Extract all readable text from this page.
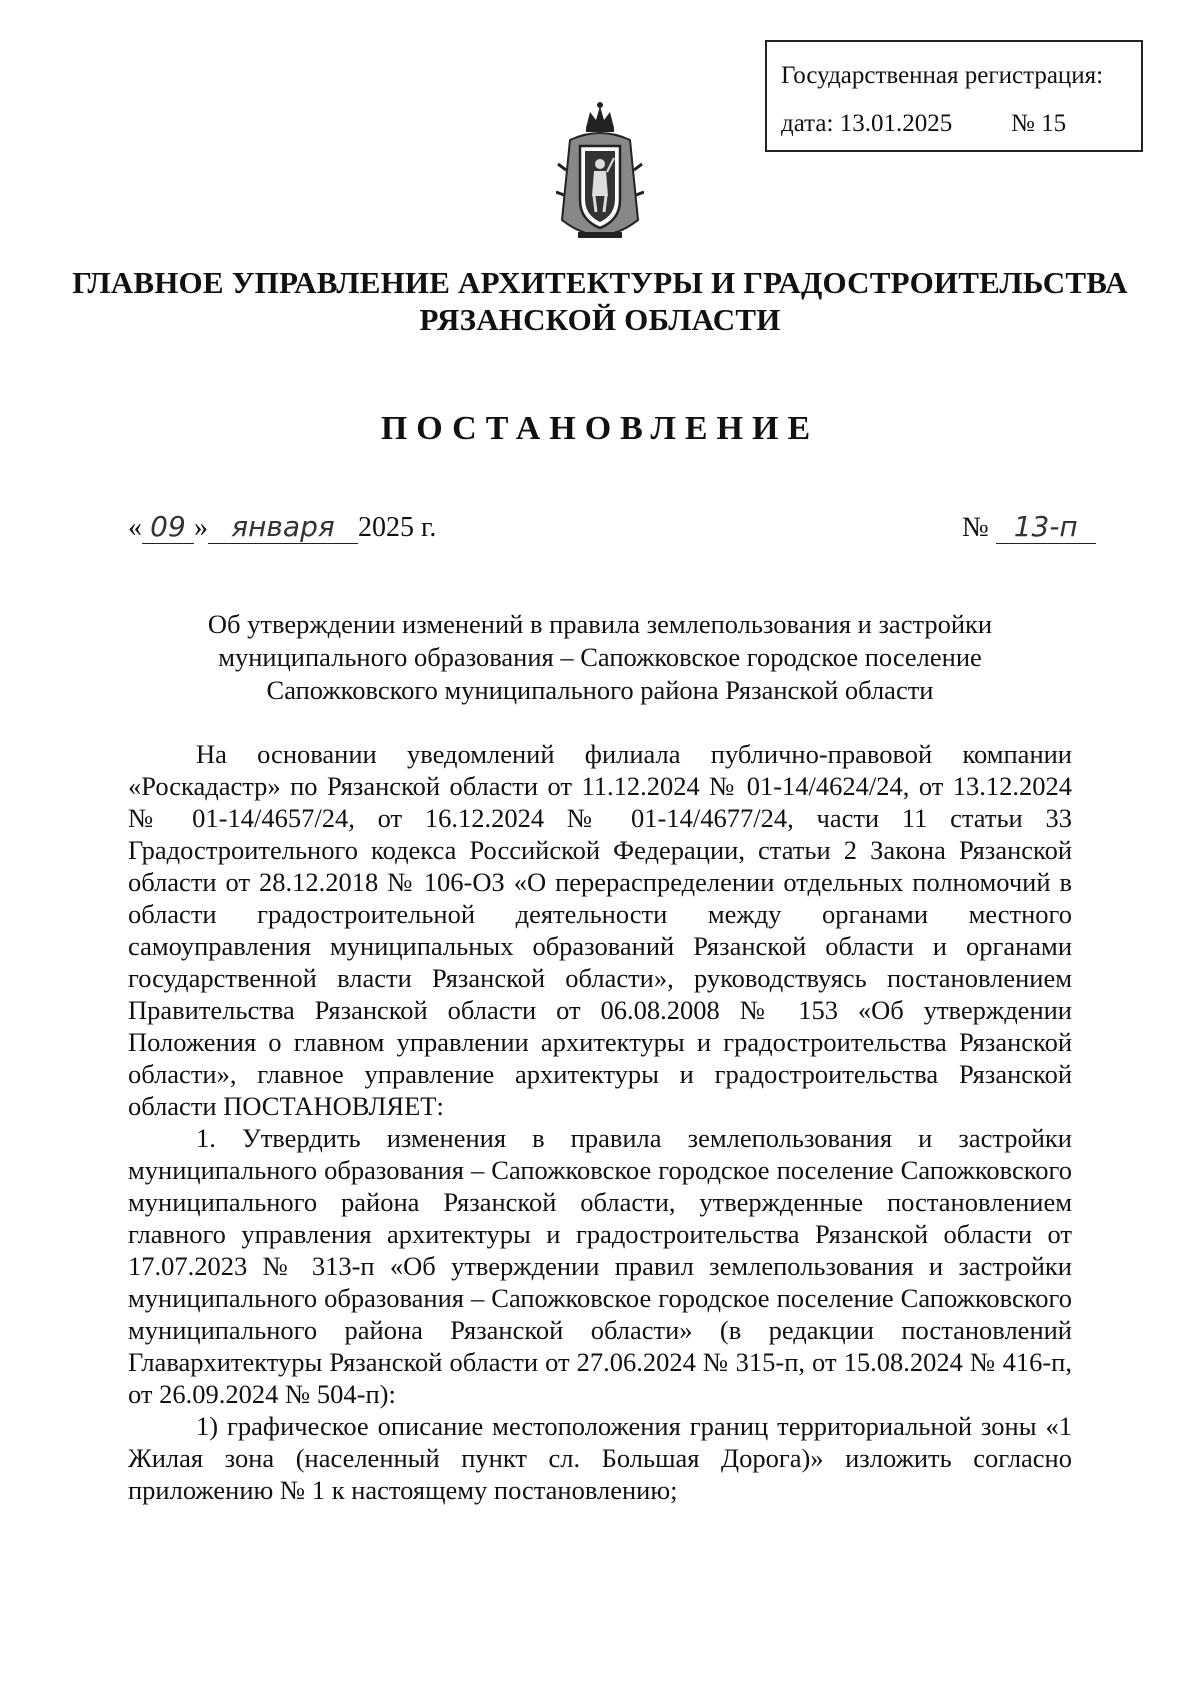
Государственная регистрация:
дата: 13.01.2025 № 15
ГЛАВНОЕ УПРАВЛЕНИЕ АРХИТЕКТУРЫ И ГРАДОСТРОИТЕЛЬСТВА
РЯЗАНСКОЙ ОБЛАСТИ
ПОСТАНОВЛЕНИЕ
« 09 » января 2025 г.	№ 13-п
Об утверждении изменений в правила землепользования и застройки
муниципального образования – Сапожковское городское поселение
Сапожковского муниципального района Рязанской области

На основании уведомлений филиала публично-правовой компании «Роскадастр» по Рязанской области от 11.12.2024 № 01-14/4624/24, от 13.12.2024 № 01-14/4657/24, от 16.12.2024 № 01-14/4677/24, части 11 статьи 33 Градостроительного кодекса Российской Федерации, статьи 2 Закона Рязанской области от 28.12.2018 № 106-ОЗ «О перераспределении отдельных полномочий в области градостроительной деятельности между органами местного самоуправления муниципальных образований Рязанской области и органами государственной власти Рязанской области», руководствуясь постановлением Правительства Рязанской области от 06.08.2008 № 153 «Об утверждении Положения о главном управлении архитектуры и градостроительства Рязанской области», главное управление архитектуры и градостроительства Рязанской области ПОСТАНОВЛЯЕТ:

1. Утвердить изменения в правила землепользования и застройки муниципального образования – Сапожковское городское поселение Сапожковского муниципального района Рязанской области, утвержденные постановлением главного управления архитектуры и градостроительства Рязанской области от 17.07.2023 № 313-п «Об утверждении правил землепользования и застройки муниципального образования – Сапожковское городское поселение Сапожковского муниципального района Рязанской области» (в редакции постановлений Главархитектуры Рязанской области от 27.06.2024 № 315-п, от 15.08.2024 № 416-п, от 26.09.2024 № 504-п):

1) графическое описание местоположения границ территориальной зоны «1 Жилая зона (населенный пункт сл. Большая Дорога)» изложить согласно приложению № 1 к настоящему постановлению;
